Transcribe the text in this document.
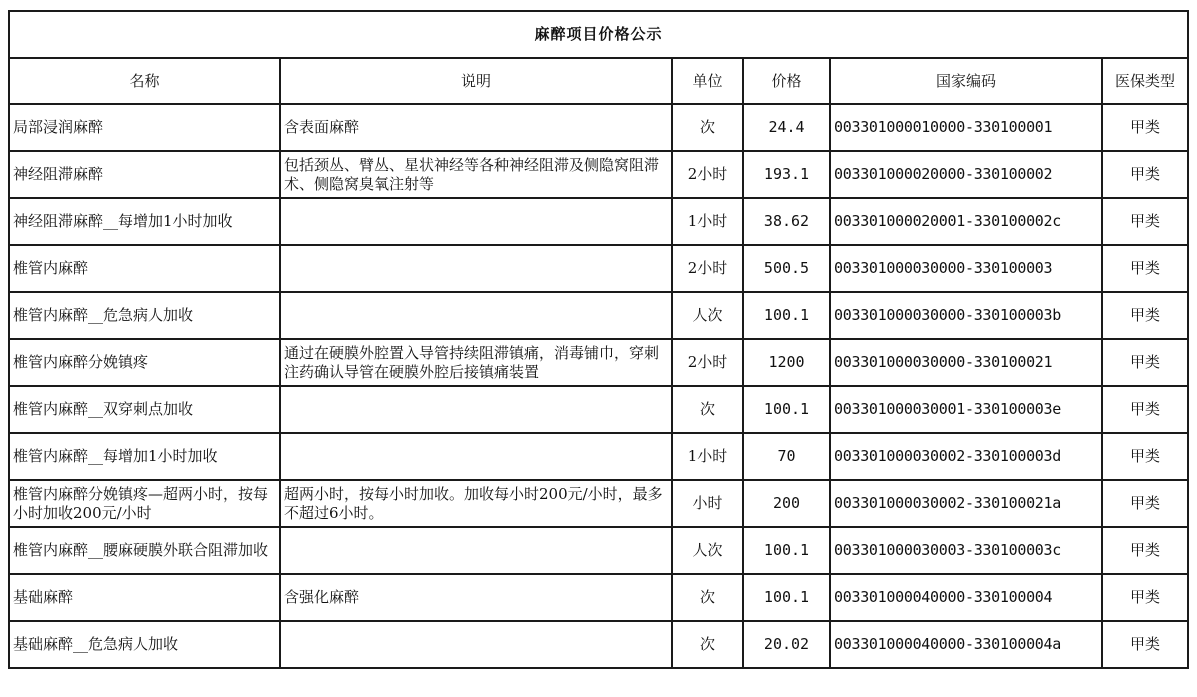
麻醉项目价格公示					
名称	说明	单位	价格	国家编码	医保类型
局部浸润麻醉	含表面麻醉	次	24.4	003301000010000-330100001	甲类
神经阻滞麻醉	包括颈丛、臂丛、星状神经等各种神经阻滞及侧隐窝阻滞术、侧隐窝臭氧注射等	2小时	193.1	003301000020000-330100002	甲类
神经阻滞麻醉__每增加1小时加收		1小时	38.62	003301000020001-330100002c	甲类
椎管内麻醉		2小时	500.5	003301000030000-330100003	甲类
椎管内麻醉__危急病人加收		人次	100.1	003301000030000-330100003b	甲类
椎管内麻醉分娩镇疼	通过在硬膜外腔置入导管持续阻滞镇痛，消毒铺巾，穿刺注药确认导管在硬膜外腔后接镇痛装置	2小时	1200	003301000030000-330100021	甲类
椎管内麻醉__双穿刺点加收		次	100.1	003301000030001-330100003e	甲类
椎管内麻醉__每增加1小时加收		1小时	70	003301000030002-330100003d	甲类
椎管内麻醉分娩镇疼—超两小时，按每小时加收200元/小时	超两小时，按每小时加收。加收每小时200元/小时，最多不超过6小时。	小时	200	003301000030002-330100021a	甲类
椎管内麻醉__腰麻硬膜外联合阻滞加收		人次	100.1	003301000030003-330100003c	甲类
基础麻醉	含强化麻醉	次	100.1	003301000040000-330100004	甲类
基础麻醉__危急病人加收		次	20.02	003301000040000-330100004a	甲类
